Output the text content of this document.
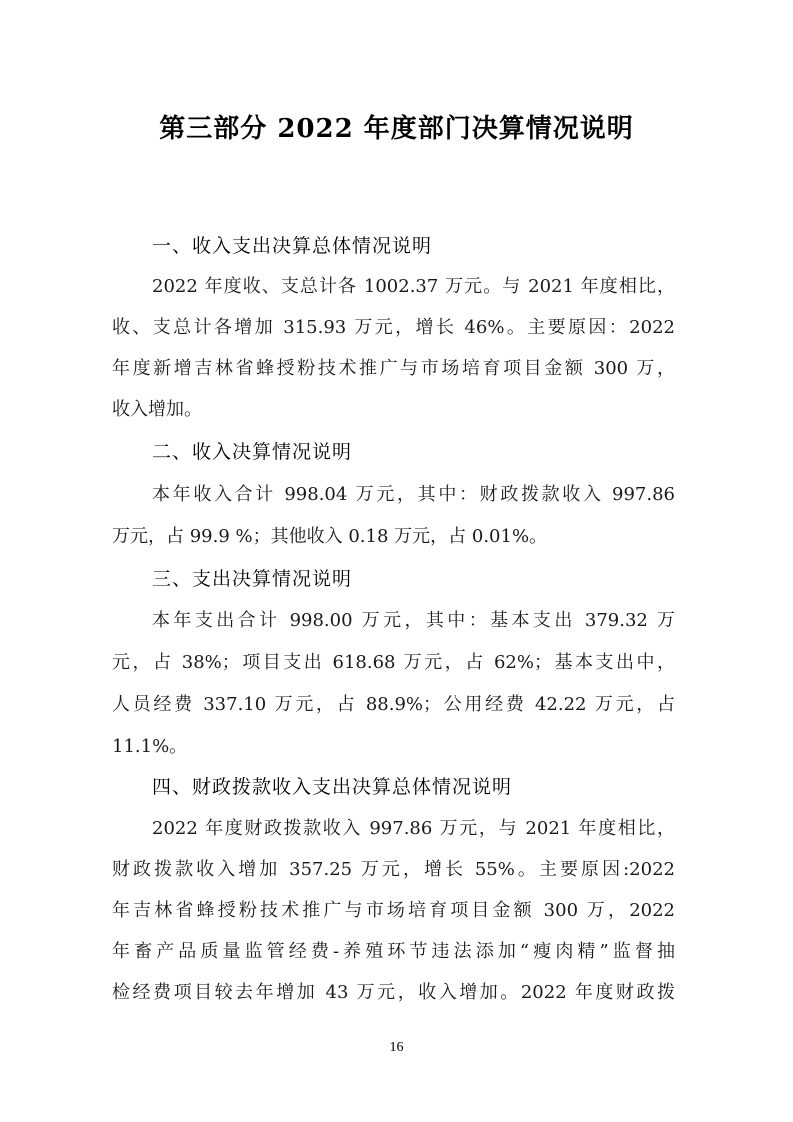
第三部分 2022 年度部门决算情况说明
一、收入支出决算总体情况说明
2022 年度收、支总计各 1002.37 万元。与 2021 年度相比，
收、支总计各增加 315.93 万元，增长 46%。主要原因：2022
年度新增吉林省蜂授粉技术推广与市场培育项目金额 300 万，
收入增加。
二、收入决算情况说明
本年收入合计 998.04 万元，其中：财政拨款收入 997.86
万元，占 99.9 %；其他收入 0.18 万元，占 0.01%。
三、支出决算情况说明
本年支出合计 998.00 万元，其中：基本支出 379.32 万
元，占 38%；项目支出 618.68 万元，占 62%；基本支出中，
人员经费 337.10 万元，占 88.9%；公用经费 42.22 万元，占
11.1%。
四、财政拨款收入支出决算总体情况说明
2022 年度财政拨款收入 997.86 万元，与 2021 年度相比，
财政拨款收入增加 357.25 万元，增长 55%。主要原因:2022
年吉林省蜂授粉技术推广与市场培育项目金额 300 万，2022
年畜产品质量监管经费-养殖环节违法添加“瘦肉精”监督抽
检经费项目较去年增加 43 万元，收入增加。2022 年度财政拨
16
